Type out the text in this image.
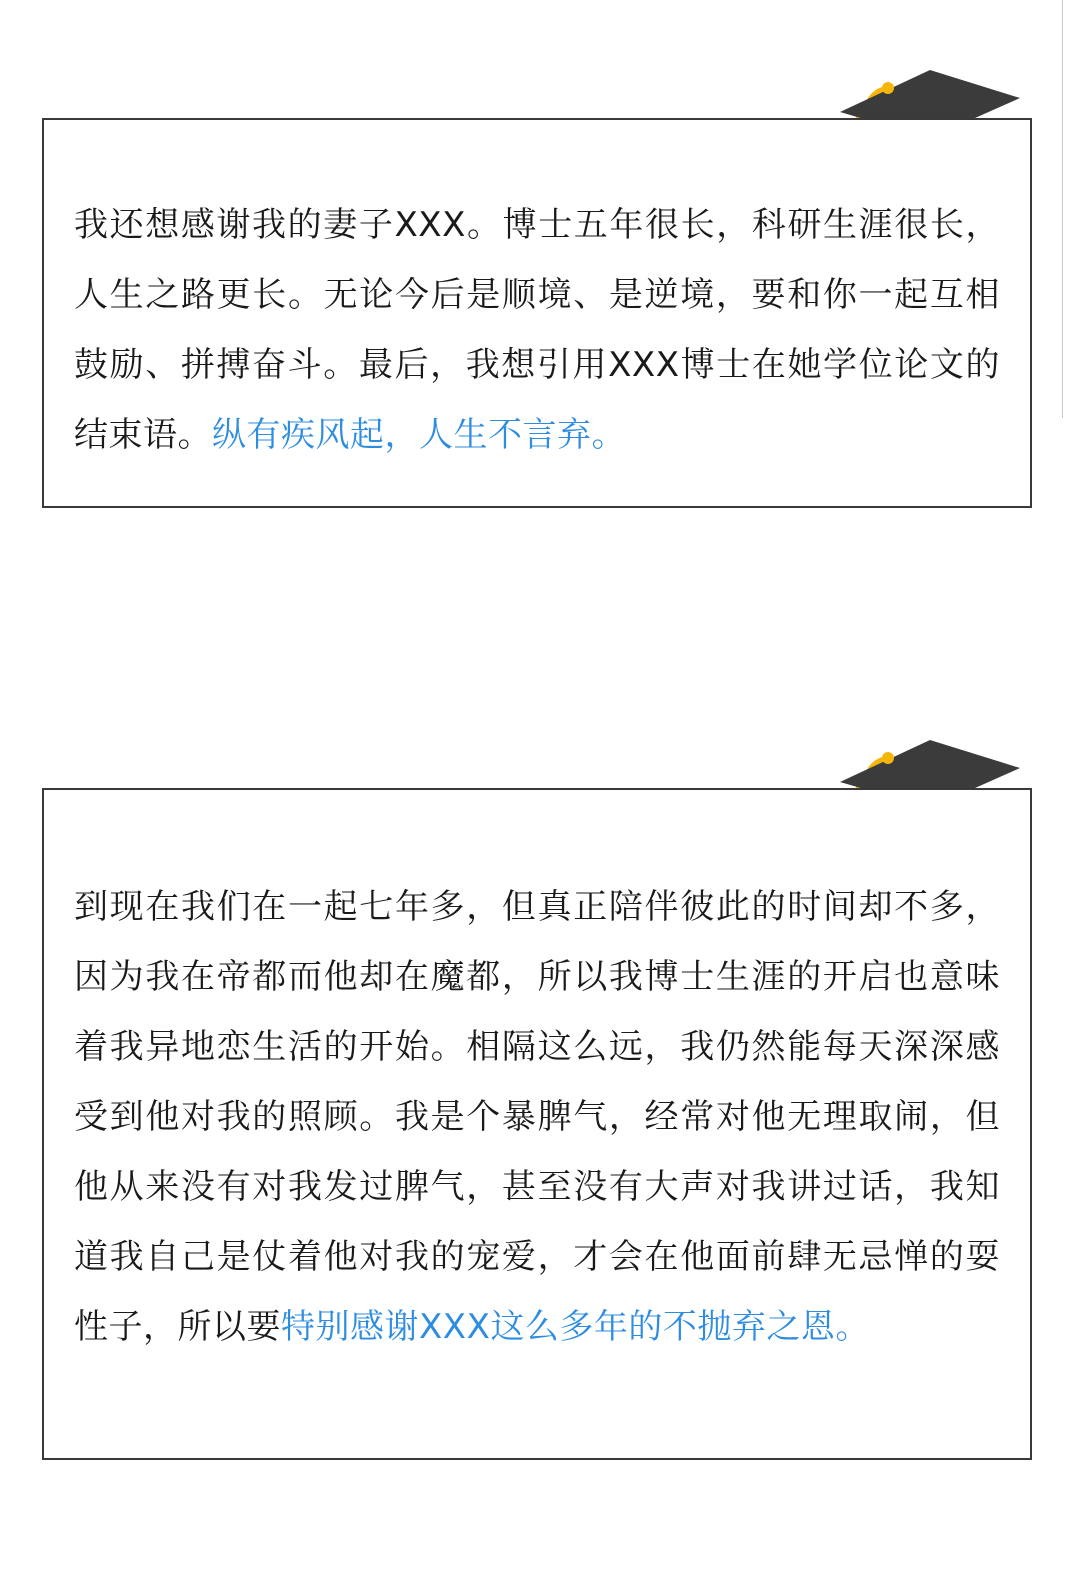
我还想感谢我的妻子XXX。博士五年很长，科研生涯很长，人生之路更长。无论今后是顺境、是逆境，要和你一起互相鼓励、拼搏奋斗。最后，我想引用XXX博士在她学位论文的结束语。纵有疾风起，人生不言弃。
到现在我们在一起七年多，但真正陪伴彼此的时间却不多，因为我在帝都而他却在魔都，所以我博士生涯的开启也意味着我异地恋生活的开始。相隔这么远，我仍然能每天深深感受到他对我的照顾。我是个暴脾气，经常对他无理取闹，但他从来没有对我发过脾气，甚至没有大声对我讲过话，我知道我自己是仗着他对我的宠爱，才会在他面前肆无忌惮的耍性子，所以要特别感谢XXX这么多年的不抛弃之恩。
